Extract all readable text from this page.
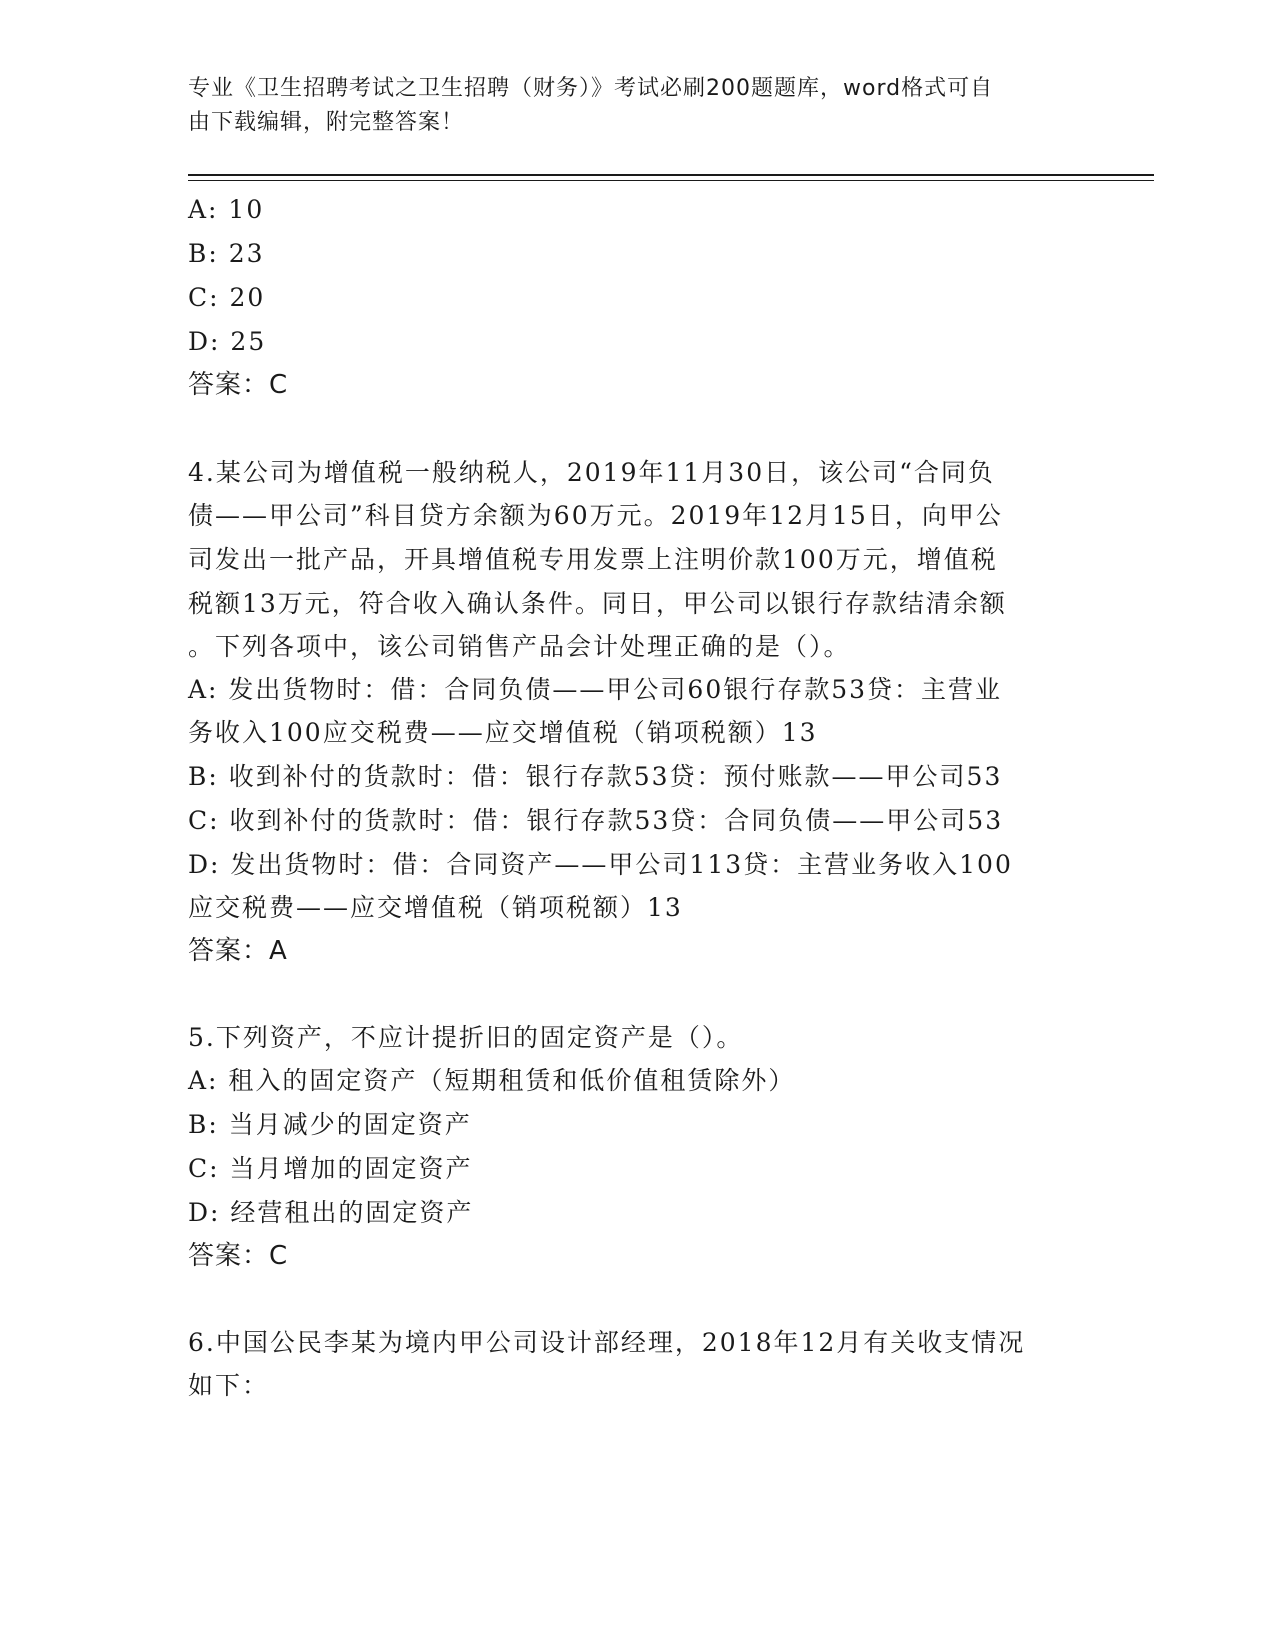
专业《卫生招聘考试之卫生招聘（财务）》考试必刷200题题库，word格式可自
由下载编辑，附完整答案！
A: 10
B: 23
C: 20
D: 25
答案：C
4.某公司为增值税一般纳税人，2019年11月30日，该公司“合同负
债——甲公司”科目贷方余额为60万元。2019年12月15日，向甲公
司发出一批产品，开具增值税专用发票上注明价款100万元，增值税
税额13万元，符合收入确认条件。同日，甲公司以银行存款结清余额
。下列各项中，该公司销售产品会计处理正确的是（）。
A: 发出货物时：借：合同负债——甲公司60银行存款53贷：主营业
务收入100应交税费——应交增值税（销项税额）13
B: 收到补付的货款时：借：银行存款53贷：预付账款——甲公司53
C: 收到补付的货款时：借：银行存款53贷：合同负债——甲公司53
D: 发出货物时：借：合同资产——甲公司113贷：主营业务收入100
应交税费——应交增值税（销项税额）13
答案：A
5.下列资产，不应计提折旧的固定资产是（）。
A: 租入的固定资产（短期租赁和低价值租赁除外）
B: 当月减少的固定资产
C: 当月增加的固定资产
D: 经营租出的固定资产
答案：C
6.中国公民李某为境内甲公司设计部经理，2018年12月有关收支情况
如下：
